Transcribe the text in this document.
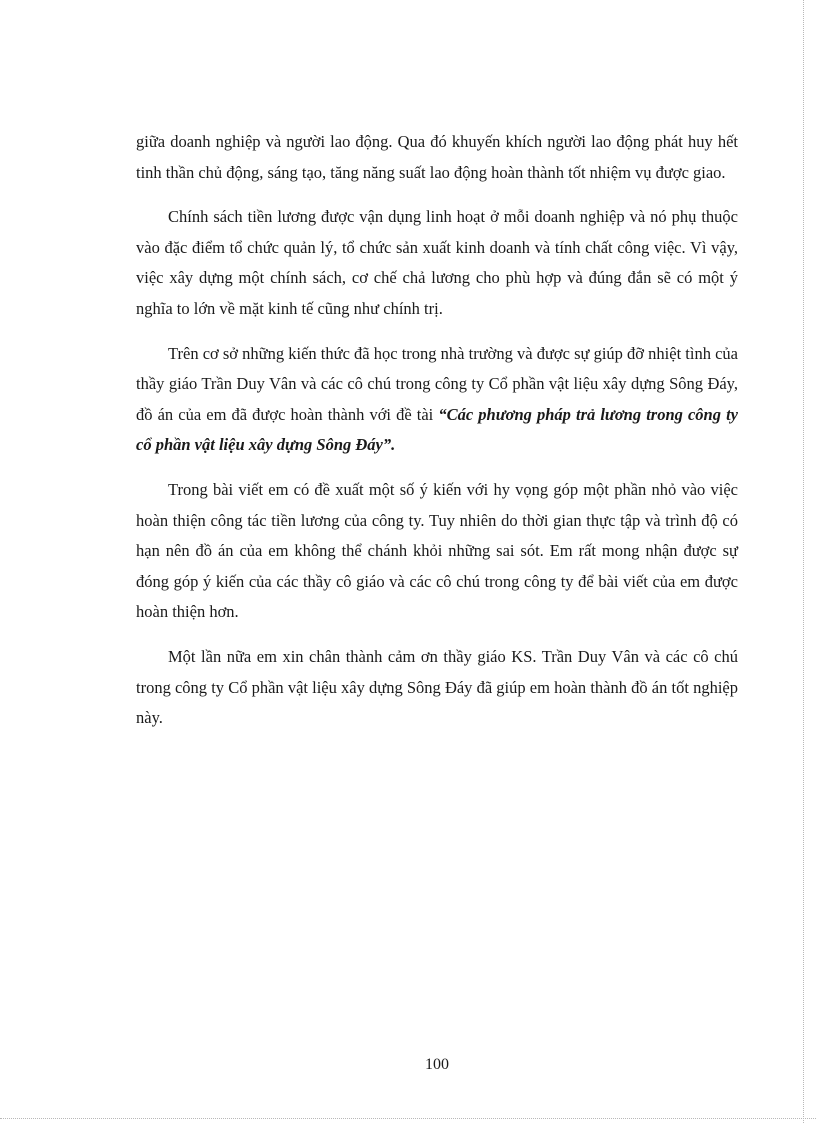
giữa doanh nghiệp và người lao động. Qua đó khuyến khích người lao động phát huy hết tinh thần chủ động, sáng tạo, tăng năng suất lao động hoàn thành tốt nhiệm vụ được giao.

Chính sách tiền lương được vận dụng linh hoạt ở mỗi doanh nghiệp và nó phụ thuộc vào đặc điểm tổ chức quản lý, tổ chức sản xuất kinh doanh và tính chất công việc. Vì vậy, việc xây dựng một chính sách, cơ chế chả lương cho phù hợp và đúng đắn sẽ có một ý nghĩa to lớn về mặt kinh tế cũng như chính trị.

Trên cơ sở những kiến thức đã học trong nhà trường và được sự giúp đỡ nhiệt tình của thầy giáo Trần Duy Vân và các cô chú trong công ty Cổ phần vật liệu xây dựng Sông Đáy, đồ án của em đã được hoàn thành với đề tài “Các phương pháp trả lương trong công ty cổ phần vật liệu xây dựng Sông Đáy”.

Trong bài viết em có đề xuất một số ý kiến với hy vọng góp một phần nhỏ vào việc hoàn thiện công tác tiền lương của công ty. Tuy nhiên do thời gian thực tập và trình độ có hạn nên đồ án của em không thể chánh khỏi những sai sót. Em rất mong nhận được sự đóng góp ý kiến của các thầy cô giáo và các cô chú trong công ty để bài viết của em được hoàn thiện hơn.

Một lần nữa em xin chân thành cảm ơn thầy giáo KS. Trần Duy Vân và các cô chú trong công ty Cổ phần vật liệu xây dựng Sông Đáy đã giúp em hoàn thành đồ án tốt nghiệp này.

100
